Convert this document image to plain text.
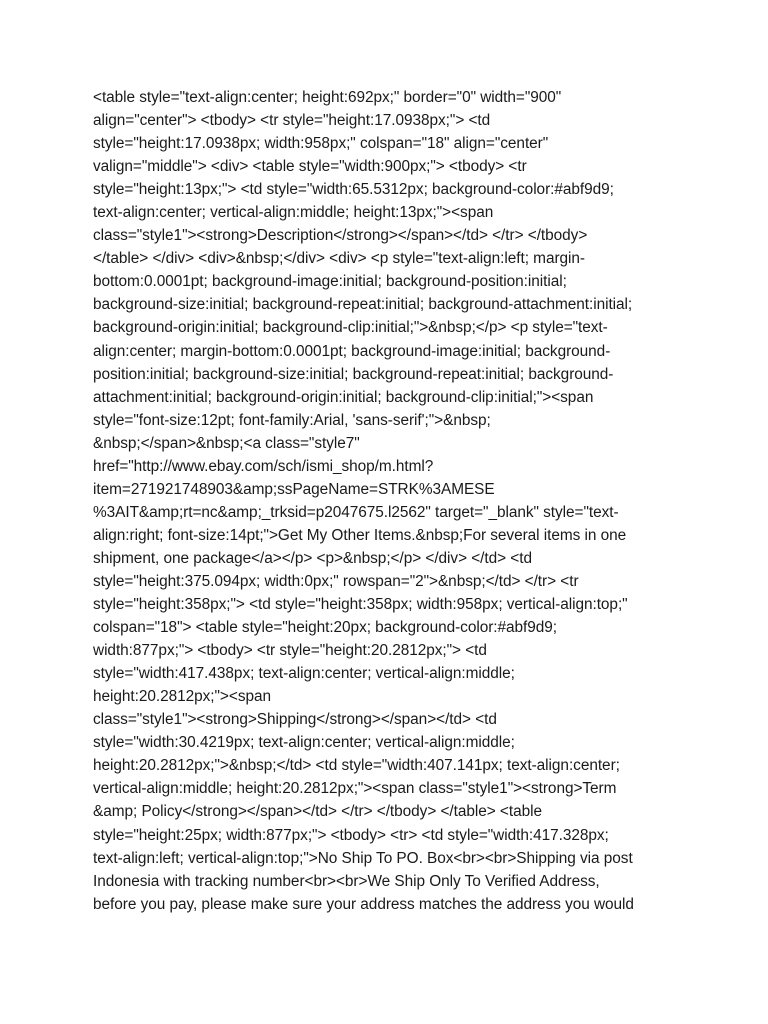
<table style="text-align:center; height:692px;" border="0" width="900"
align="center"> <tbody> <tr style="height:17.0938px;"> <td
style="height:17.0938px; width:958px;" colspan="18" align="center"
valign="middle"> <div> <table style="width:900px;"> <tbody> <tr
style="height:13px;"> <td style="width:65.5312px; background-color:#abf9d9;
text-align:center; vertical-align:middle; height:13px;"><span
class="style1"><strong>Description</strong></span></td> </tr> </tbody>
</table> </div> <div>&nbsp;</div> <div> <p style="text-align:left; margin-
bottom:0.0001pt; background-image:initial; background-position:initial;
background-size:initial; background-repeat:initial; background-attachment:initial;
background-origin:initial; background-clip:initial;">&nbsp;</p> <p style="text-
align:center; margin-bottom:0.0001pt; background-image:initial; background-
position:initial; background-size:initial; background-repeat:initial; background-
attachment:initial; background-origin:initial; background-clip:initial;"><span
style="font-size:12pt; font-family:Arial, 'sans-serif';">&nbsp;
&nbsp;</span>&nbsp;<a class="style7"
href="http://www.ebay.com/sch/ismi_shop/m.html?
item=271921748903&amp;ssPageName=STRK%3AMESE
%3AIT&amp;rt=nc&amp;_trksid=p2047675.l2562" target="_blank" style="text-
align:right; font-size:14pt;">Get My Other Items.&nbsp;For several items in one
shipment, one package</a></p> <p>&nbsp;</p> </div> </td> <td
style="height:375.094px; width:0px;" rowspan="2">&nbsp;</td> </tr> <tr
style="height:358px;"> <td style="height:358px; width:958px; vertical-align:top;"
colspan="18"> <table style="height:20px; background-color:#abf9d9;
width:877px;"> <tbody> <tr style="height:20.2812px;"> <td
style="width:417.438px; text-align:center; vertical-align:middle;
height:20.2812px;"><span
class="style1"><strong>Shipping</strong></span></td> <td
style="width:30.4219px; text-align:center; vertical-align:middle;
height:20.2812px;">&nbsp;</td> <td style="width:407.141px; text-align:center;
vertical-align:middle; height:20.2812px;"><span class="style1"><strong>Term
&amp; Policy</strong></span></td> </tr> </tbody> </table> <table
style="height:25px; width:877px;"> <tbody> <tr> <td style="width:417.328px;
text-align:left; vertical-align:top;">No Ship To PO. Box<br><br>Shipping via post
Indonesia with tracking number<br><br>We Ship Only To Verified Address,
before you pay, please make sure your address matches the address you would
